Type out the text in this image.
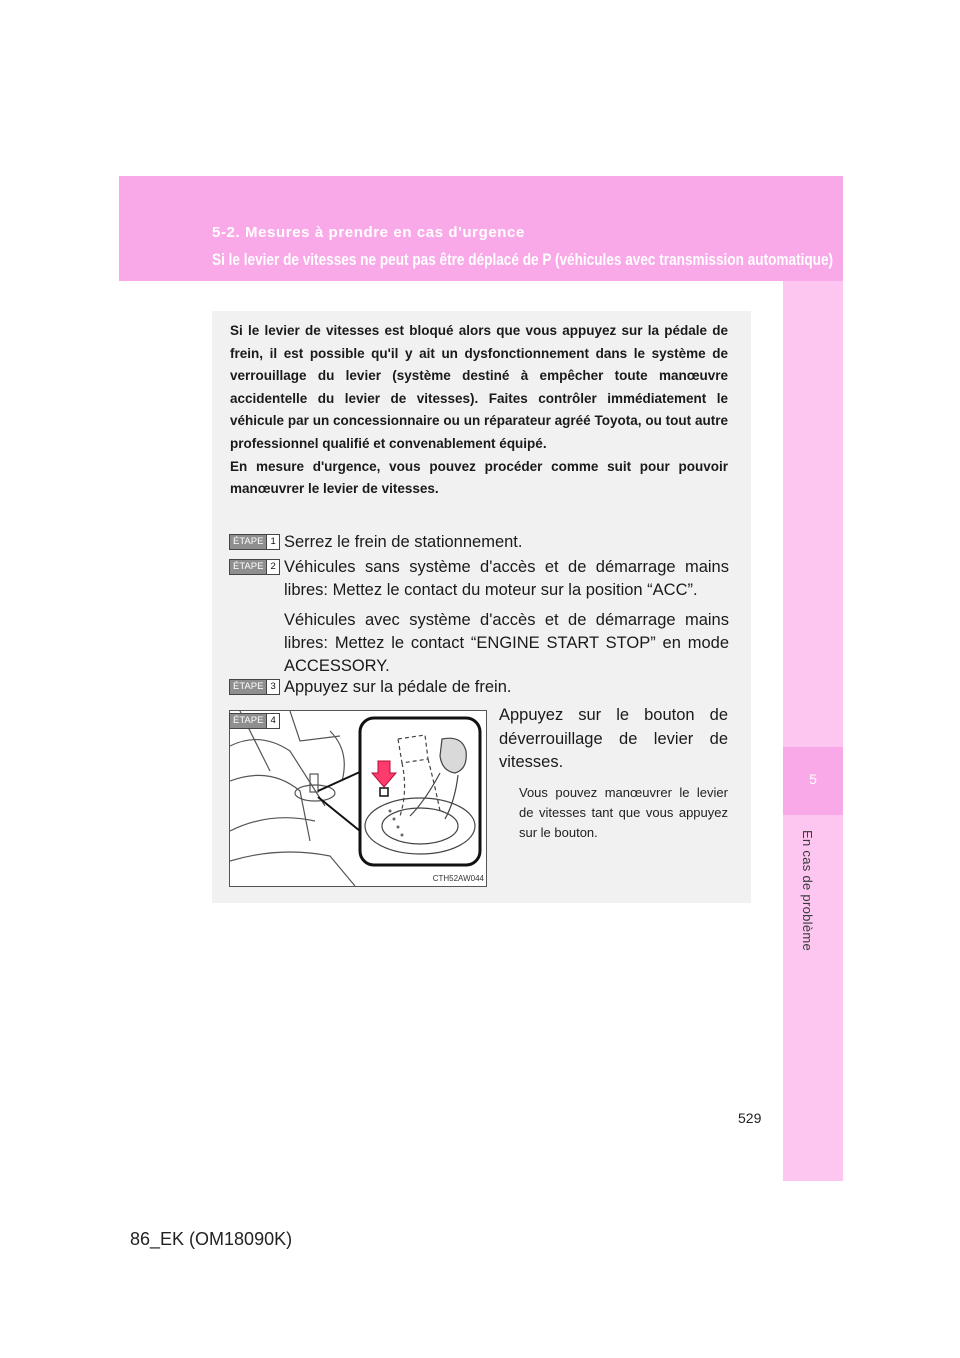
5-2. Mesures à prendre en cas d'urgence
Si le levier de vitesses ne peut pas être déplacé de P (véhicules avec transmission automatique)
5
En cas de problème

Si le levier de vitesses est bloqué alors que vous appuyez sur la pédale de frein, il est possible qu'il y ait un dysfonctionnement dans le système de verrouillage du levier (système destiné à empêcher toute manœuvre accidentelle du levier de vitesses). Faites contrôler immédiatement le véhicule par un concessionnaire ou un réparateur agréé Toyota, ou tout autre professionnel qualifié et convenablement équipé.

En mesure d'urgence, vous pouvez procéder comme suit pour pouvoir manœuvrer le levier de vitesses.

ÉTAPE 1 Serrez le frein de stationnement.

ÉTAPE 2 Véhicules sans système d'accès et de démarrage mains libres: Mettez le contact du moteur sur la position “ACC”.

Véhicules avec système d'accès et de démarrage mains libres: Mettez le contact “ENGINE START STOP” en mode ACCESSORY.

ÉTAPE 3 Appuyez sur la pédale de frein.

CTH52AW044
ÉTAPE 4	Appuyez sur le bouton de déverrouillage de levier de vitesses.
Vous pouvez manœuvrer le levier de vitesses tant que vous appuyez sur le bouton.
529
86_EK (OM18090K)
